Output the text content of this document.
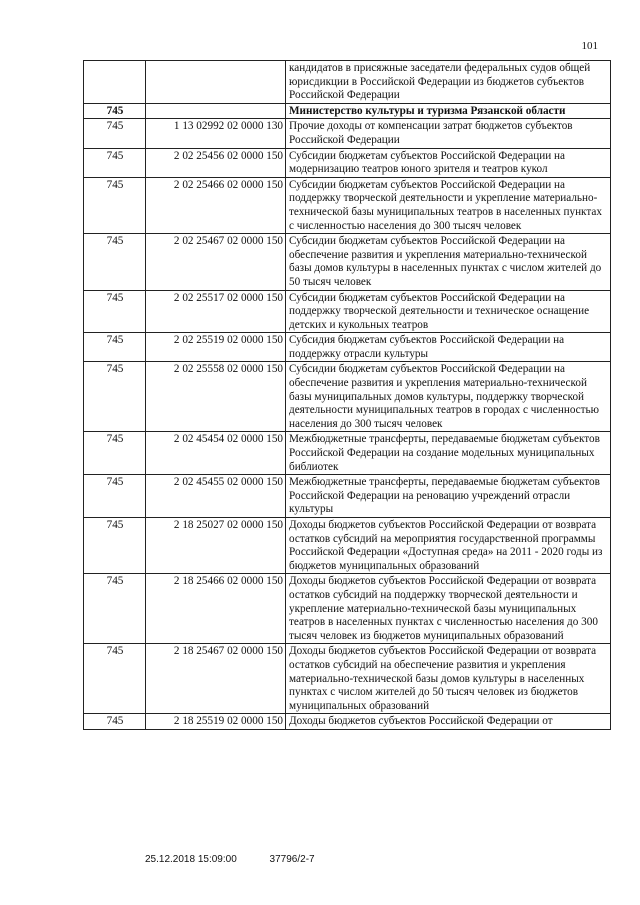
101
		кандидатов в присяжные заседатели федеральных судов общей юрисдикции в Российской Федерации из бюджетов субъектов Российской Федерации
745		Министерство культуры и туризма Рязанской области
745	1 13 02992 02 0000 130	Прочие доходы от компенсации затрат бюджетов субъектов Российской Федерации
745	2 02 25456 02 0000 150	Субсидии бюджетам субъектов Российской Федерации на модернизацию театров юного зрителя и театров кукол
745	2 02 25466 02 0000 150	Субсидии бюджетам субъектов Российской Федерации на поддержку творческой деятельности и укрепление материально-технической базы муниципальных театров в населенных пунктах с численностью населения до 300 тысяч человек
745	2 02 25467 02 0000 150	Субсидии бюджетам субъектов Российской Федерации на обеспечение развития и укрепления материально-технической базы домов культуры в населенных пунктах с числом жителей до 50 тысяч человек
745	2 02 25517 02 0000 150	Субсидии бюджетам субъектов Российской Федерации на поддержку творческой деятельности и техническое оснащение детских и кукольных театров
745	2 02 25519 02 0000 150	Субсидия бюджетам субъектов Российской Федерации на поддержку отрасли культуры
745	2 02 25558 02 0000 150	Субсидии бюджетам субъектов Российской Федерации на обеспечение развития и укрепления материально-технической базы муниципальных домов культуры, поддержку творческой деятельности муниципальных театров в городах с численностью населения до 300 тысяч человек
745	2 02 45454 02 0000 150	Межбюджетные трансферты, передаваемые бюджетам субъектов Российской Федерации на создание модельных муниципальных библиотек
745	2 02 45455 02 0000 150	Межбюджетные трансферты, передаваемые бюджетам субъектов Российской Федерации на реновацию учреждений отрасли культуры
745	2 18 25027 02 0000 150	Доходы бюджетов субъектов Российской Федерации от возврата остатков субсидий на мероприятия государственной программы Российской Федерации «Доступная среда» на 2011 - 2020 годы из бюджетов муниципальных образований
745	2 18 25466 02 0000 150	Доходы бюджетов субъектов Российской Федерации от возврата остатков субсидий на поддержку творческой деятельности и укрепление материально-технической базы муниципальных театров в населенных пунктах с численностью населения до 300 тысяч человек из бюджетов муниципальных образований
745	2 18 25467 02 0000 150	Доходы бюджетов субъектов Российской Федерации от возврата остатков субсидий на обеспечение развития и укрепления материально-технической базы домов культуры в населенных пунктах с числом жителей до 50 тысяч человек из бюджетов муниципальных образований
745	2 18 25519 02 0000 150	Доходы бюджетов субъектов Российской Федерации от
25.12.2018 15:09:00	37796/2-7
